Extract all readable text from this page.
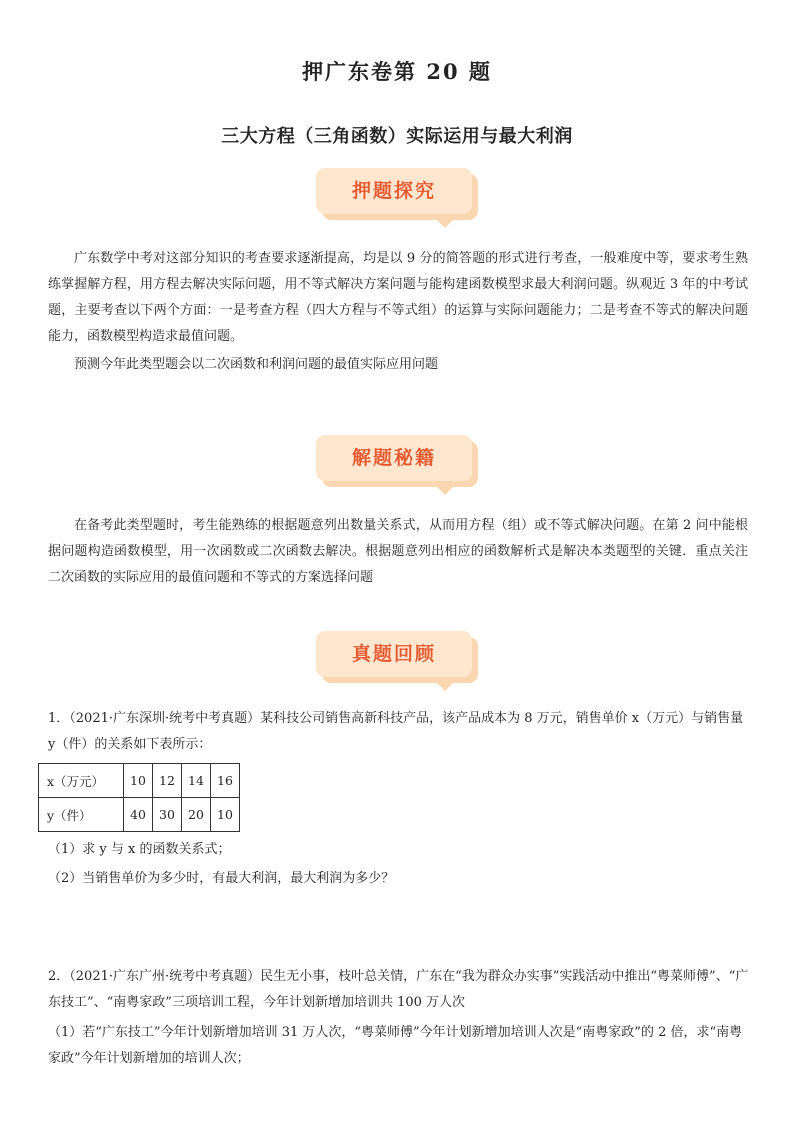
押广东卷第 20 题
三大方程（三角函数）实际运用与最大利润
押题探究
广东数学中考对这部分知识的考查要求逐渐提高，均是以 9 分的简答题的形式进行考查，一般难度中等，要求考生熟练掌握解方程，用方程去解决实际问题，用不等式解决方案问题与能构建函数模型求最大利润问题。纵观近 3 年的中考试题，主要考查以下两个方面：一是考查方程（四大方程与不等式组）的运算与实际问题能力；二是考查不等式的解决问题能力，函数模型构造求最值问题。
预测今年此类型题会以二次函数和利润问题的最值实际应用问题
解题秘籍
在备考此类型题时，考生能熟练的根据题意列出数量关系式，从而用方程（组）或不等式解决问题。在第 2 问中能根据问题构造函数模型，用一次函数或二次函数去解决。根据题意列出相应的函数解析式是解决本类题型的关键．重点关注二次函数的实际应用的最值问题和不等式的方案选择问题
真题回顾
1．（2021·广东深圳·统考中考真题）某科技公司销售高新科技产品，该产品成本为 8 万元，销售单价 x（万元）与销售量 y（件）的关系如下表所示：
x（万元）	10	12	14	16
y（件）	40	30	20	10
（1）求 y 与 x 的函数关系式；
（2）当销售单价为多少时，有最大利润，最大利润为多少？
2．（2021·广东广州·统考中考真题）民生无小事，枝叶总关情，广东在“我为群众办实事”实践活动中推出“粤菜师傅”、“广东技工”、“南粤家政”三项培训工程，今年计划新增加培训共 100 万人次
（1）若“广东技工”今年计划新增加培训 31 万人次，“粤菜师傅”今年计划新增加培训人次是“南粤家政”的 2 倍，求“南粤家政”今年计划新增加的培训人次；
